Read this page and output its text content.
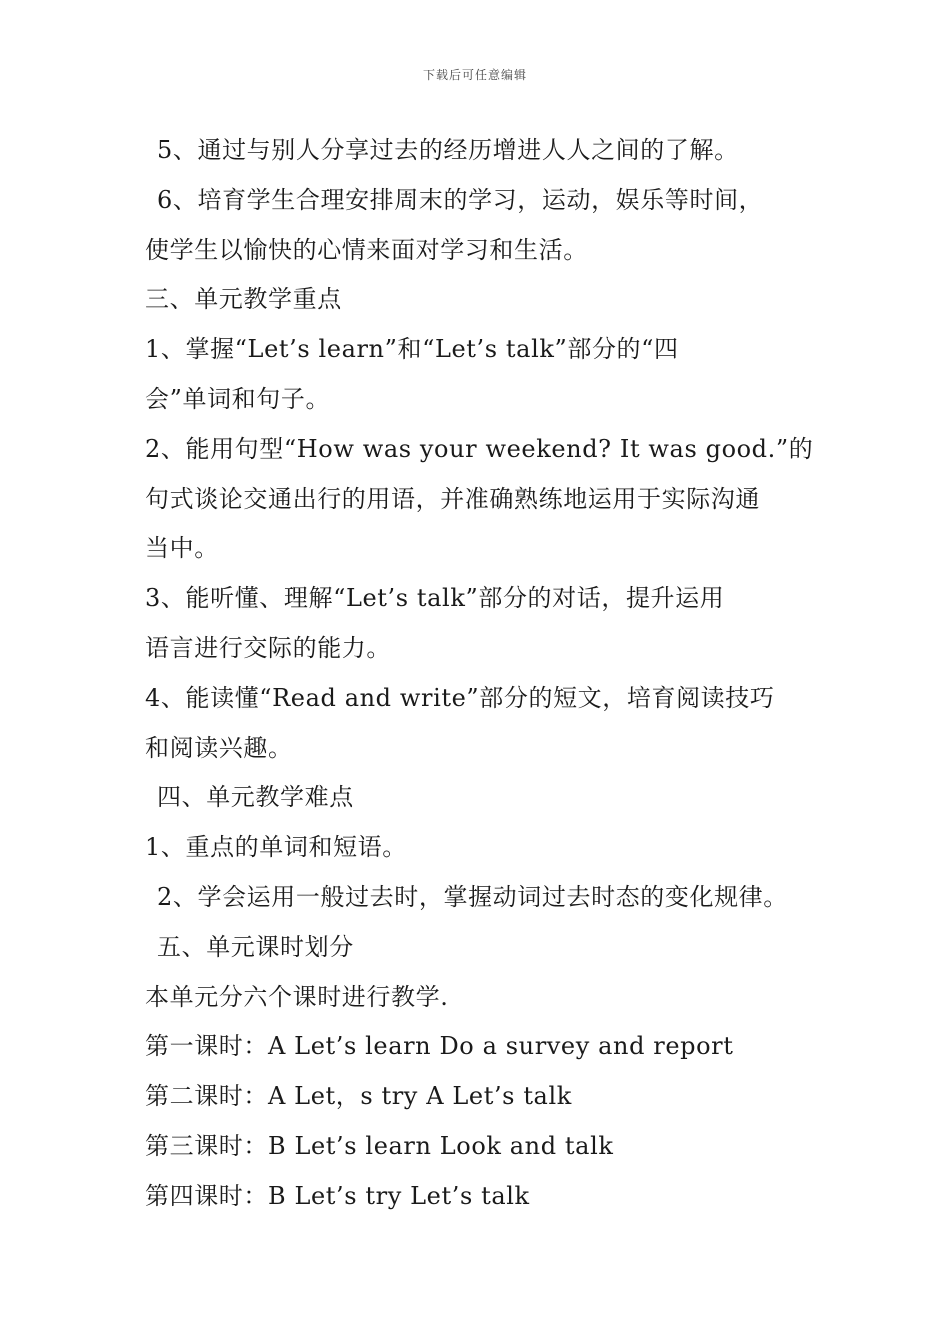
下载后可任意编辑
5、通过与别人分享过去的经历增进人人之间的了解。
6、培育学生合理安排周末的学习，运动，娱乐等时间，
使学生以愉快的心情来面对学习和生活。
三、单元教学重点
1、掌握“Let’s learn”和“Let’s talk”部分的“四
会”单词和句子。
2、能用句型“How was your weekend? It was good.”的
句式谈论交通出行的用语，并准确熟练地运用于实际沟通
当中。
3、能听懂、理解“Let’s talk”部分的对话，提升运用
语言进行交际的能力。
4、能读懂“Read and write”部分的短文，培育阅读技巧
和阅读兴趣。
四、单元教学难点
1、重点的单词和短语。
2、学会运用一般过去时，掌握动词过去时态的变化规律。
五、单元课时划分
本单元分六个课时进行教学.
第一课时：A Let’s learn Do a survey and report
第二课时：A Let，s try A Let’s talk
第三课时：B Let’s learn Look and talk
第四课时：B Let’s try Let’s talk
